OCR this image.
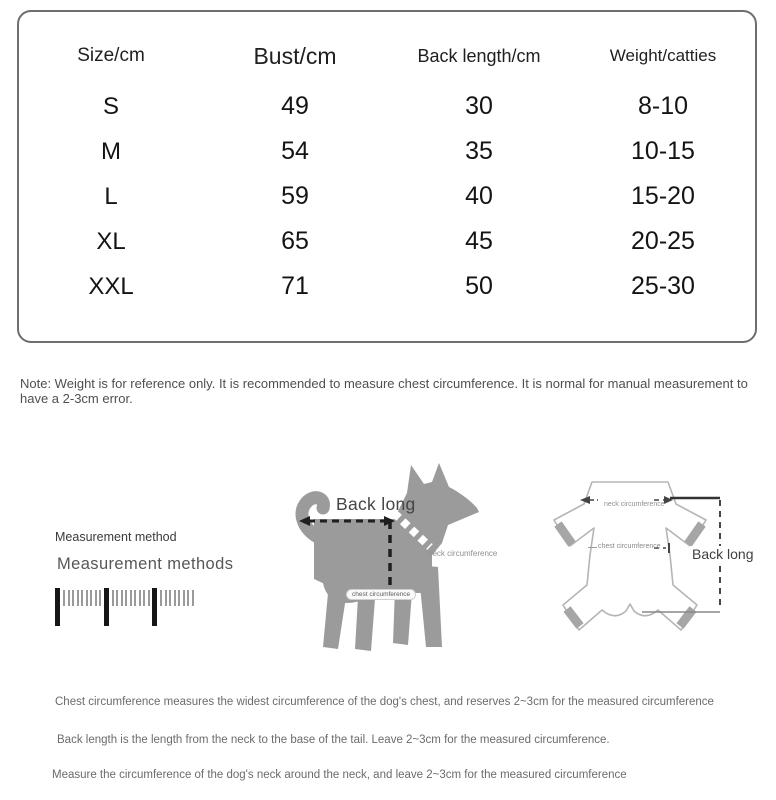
Size/cm	Bust/cm	Back length/cm	Weight/catties
S	49	30	8-10
M	54	35	10-15
L	59	40	15-20
XL	65	45	20-25
XXL	71	50	25-30
Note: Weight is for reference only. It is recommended to measure chest circumference. It is normal for manual measurement to have a 2-3cm error.
Measurement method
Measurement methods
Back long
neck circumference
chest circumference
neck circumference
chest circumference Back long
Chest circumference measures the widest circumference of the dog's chest, and reserves 2~3cm for the measured circumference
Back length is the length from the neck to the base of the tail. Leave 2~3cm for the measured circumference.
Measure the circumference of the dog's neck around the neck, and leave 2~3cm for the measured circumference
